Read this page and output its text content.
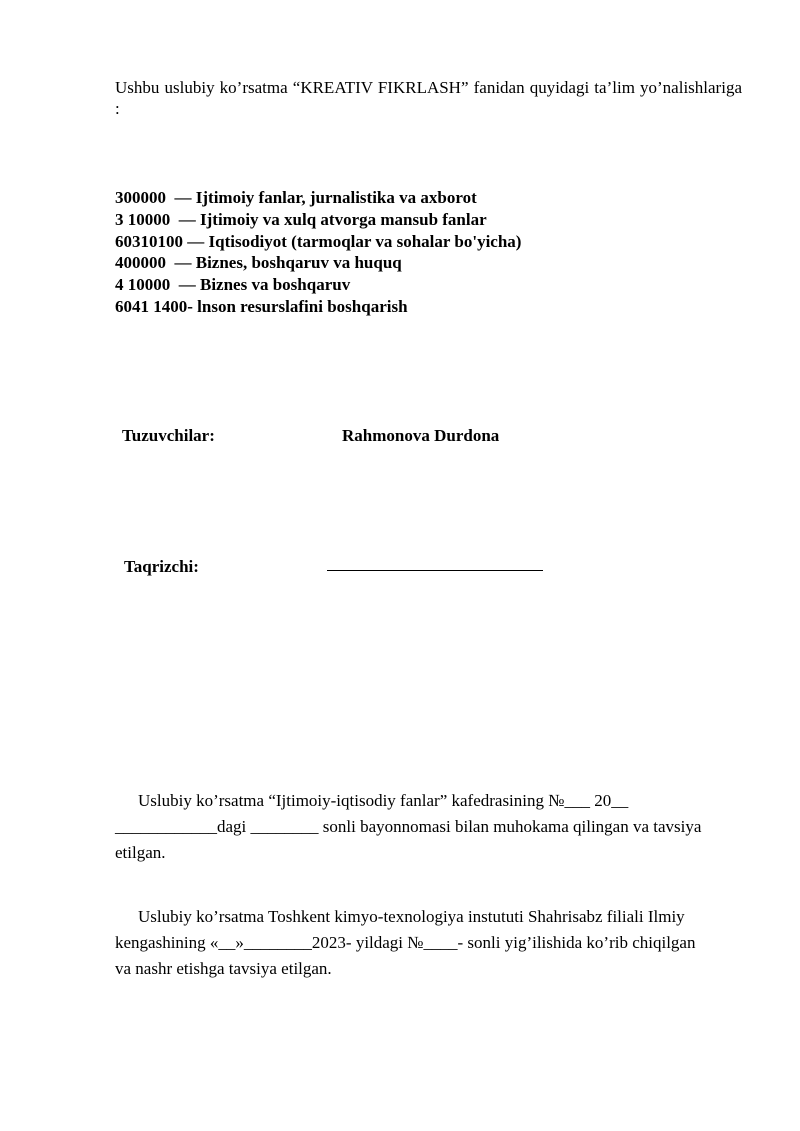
Ushbu uslubiy ko’rsatma “KREATIV FIKRLASH” fanidan quyidagi ta’lim yo’nalishlariga :
300000  — Ijtimoiy fanlar, jurnalistika va axborot
3 10000  — Ijtimoiy va xulq atvorga mansub fanlar
60310100 — Iqtisodiyot (tarmoqlar va sohalar bo'yicha)
400000  — Biznes, boshqaruv va huquq
4 10000  — Biznes va boshqaruv
6041 1400- lnson resurslafini boshqarish
Tuzuvchilar:	Rahmonova Durdona
Taqrizchi:
Uslubiy ko’rsatma “Ijtimoiy-iqtisodiy fanlar” kafedrasining №___ 20__ ____________dagi ________ sonli bayonnomasi bilan muhokama qilingan va tavsiya etilgan.
Uslubiy ko’rsatma Toshkent kimyo-texnologiya instututi Shahrisabz filiali Ilmiy kengashining «__»________2023- yildagi №____- sonli yig’ilishida ko’rib chiqilgan va nashr etishga tavsiya etilgan.
